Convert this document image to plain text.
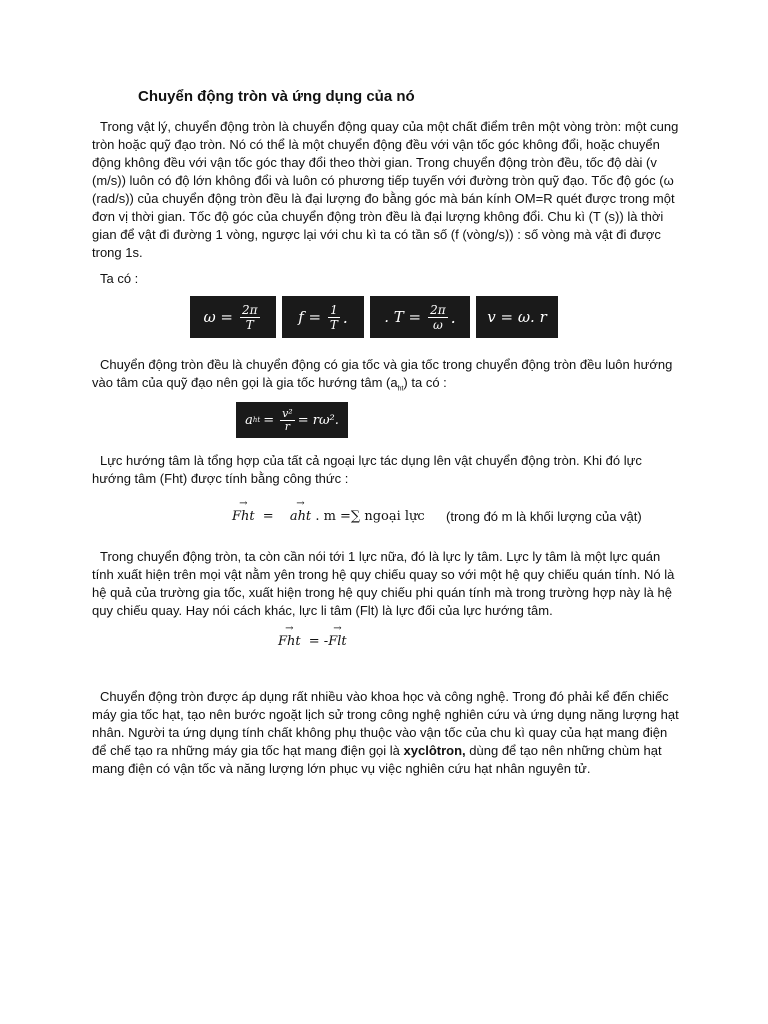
Chuyển động tròn và ứng dụng của nó

Trong vật lý, chuyển động tròn là chuyển động quay của một chất điểm trên một vòng tròn: một cung tròn hoặc quỹ đạo tròn. Nó có thể là một chuyển động đều với vận tốc góc không đổi, hoặc chuyển động không đều với vận tốc góc thay đổi theo thời gian. Trong chuyển động tròn đều, tốc độ dài (v (m/s)) luôn có độ lớn không đổi và luôn có phương tiếp tuyến với đường tròn quỹ đạo. Tốc độ góc (ω (rad/s)) của chuyển động tròn đều là đại lượng đo bằng góc mà bán kính OM=R quét được trong một đơn vị thời gian. Tốc độ góc của chuyển động tròn đều là đại lượng không đổi. Chu kì (T (s)) là thời gian để vật đi đường 1 vòng, ngược lại với chu kì ta có tần số (f (vòng/s)) : số vòng mà vật đi được trong 1s.

Ta có :

$\omega = \frac{2\pi}{T}$	$f = \frac{1}{T}$ . . $T = \frac{2\pi}{\omega}$ .	v = ω. r

Chuyển động tròn đều là chuyển động có gia tốc và gia tốc trong chuyển động tròn đều luôn hướng vào tâm của quỹ đạo nên gọi là gia tốc hướng tâm $(a_{ht})$ ta có :

a ht = $\frac{\text{v²}}{r} = r\omega^2$.

Lực hướng tâm là tổng hợp của tất cả ngoại lực tác dụng lên vật chuyển động tròn. Khi đó lực hướng tâm (Fht) được tính bằng công thức :

→ Fht = → aht . m =∑ ngoại lực (trong đó m là khối lượng của vật)

Trong chuyển động tròn, ta còn cần nói tới 1 lực nữa, đó là lực ly tâm. Lực ly tâm là một lực quán tính xuất hiện trên mọi vật nằm yên trong hệ quy chiếu quay so với một hệ quy chiếu quán tính. Nó là hệ quả của trường gia tốc, xuất hiện trong hệ quy chiếu phi quán tính mà trong trường hợp này là hệ quy chiếu quay. Hay nói cách khác, lực li tâm (Flt) là lực đối của lực hướng tâm.

→ Fht = -→ Flt

Chuyển động tròn được áp dụng rất nhiều vào khoa học và công nghệ. Trong đó phải kể đến chiếc máy gia tốc hạt, tạo nên bước ngoặt lịch sử trong công nghệ nghiên cứu và ứng dụng năng lượng hạt nhân. Người ta ứng dụng tính chất không phụ thuộc vào vận tốc của chu kì quay của hạt mang điện để chế tạo ra những máy gia tốc hạt mang điện gọi là xyclôtron, dùng để tạo nên những chùm hạt mang điện có vận tốc và năng lượng lớn phục vụ việc nghiên cứu hạt nhân nguyên tử.
